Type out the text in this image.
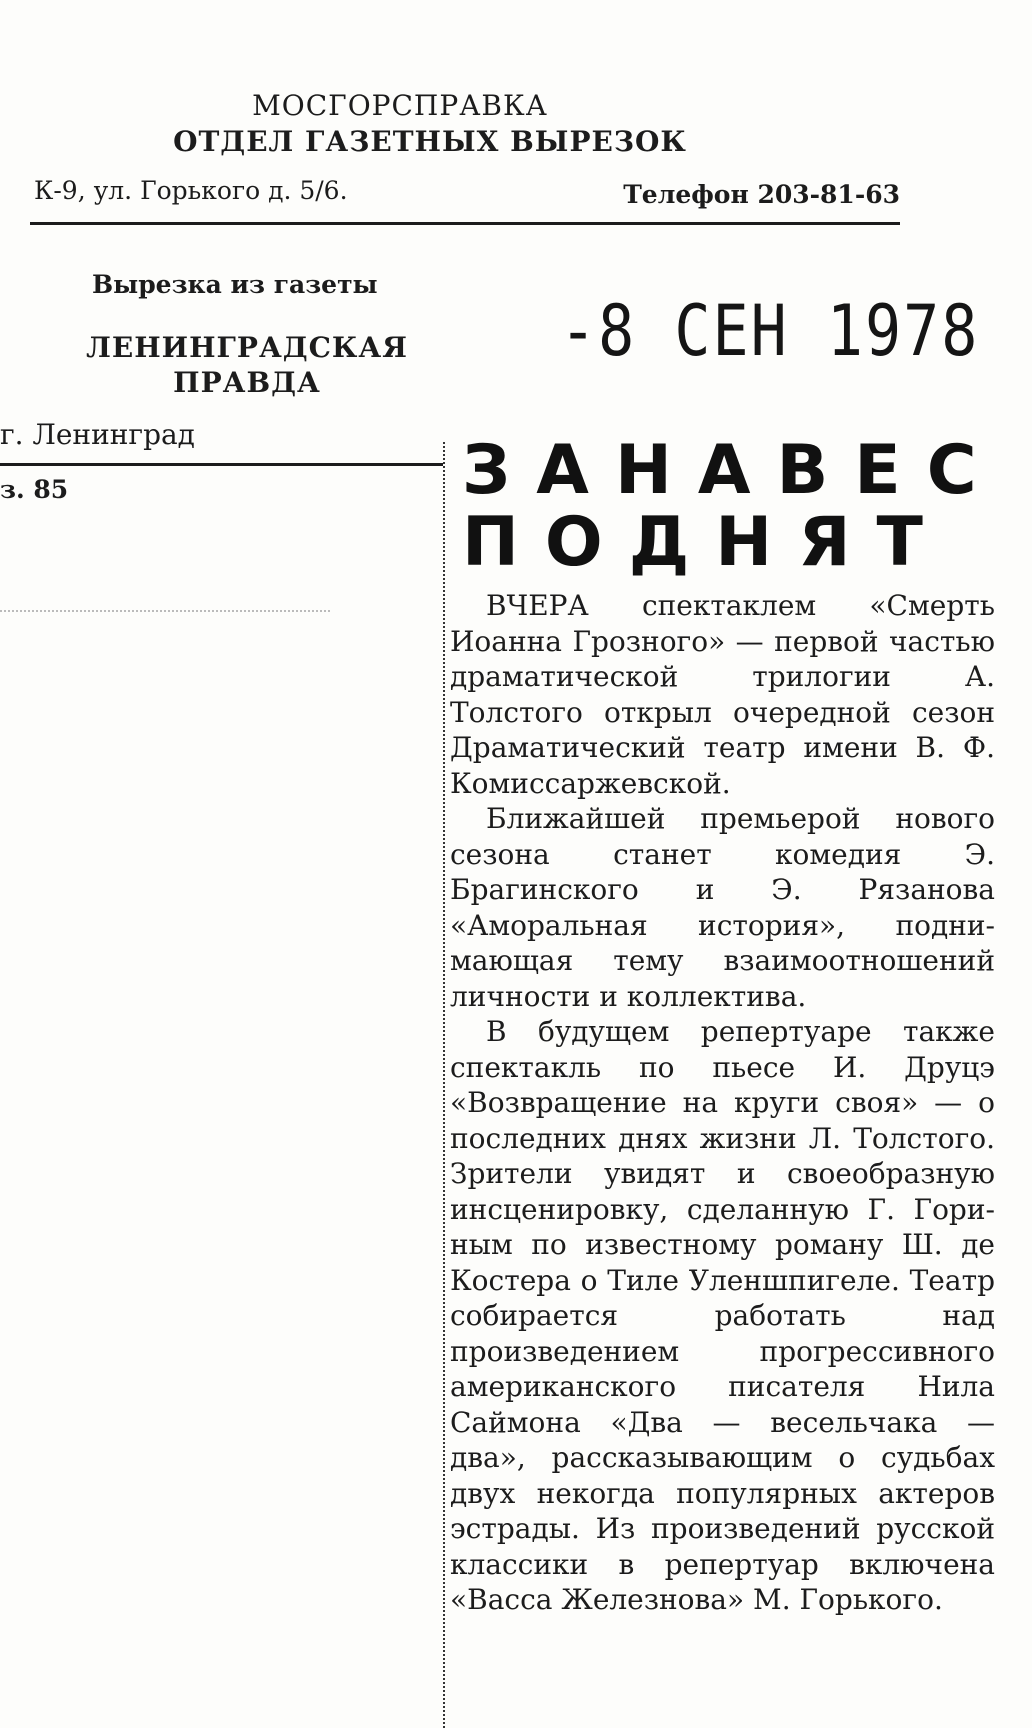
МОСГОРСПРАВКА
ОТДЕЛ ГАЗЕТНЫХ ВЫРЕЗОК
К-9, ул. Горького д. 5/6.	Телефон 203-81-63
Вырезка из газеты
ЛЕНИНГРАДСКАЯ ПРАВДА
г. Ленинград
з. 85
-8 СЕН 1978
ЗАНАВЕС
ПОДНЯТ

ВЧЕРА спектаклем «Смерть Иоанна Грозного» — первой частью драматической трилогии А. Толстого открыл очередной сезон Драматический театр имени В. Ф. Комиссаржевской.

Ближайшей премьерой нового сезона станет комедия Э. Брагинского и Э. Рязанова «Аморальная история», поднимающая тему взаимоотношений личности и коллектива.

В будущем репертуаре также спектакль по пьесе И. Друцэ «Возвращение на круги своя» — о последних днях жизни Л. Толстого. Зрители увидят и своеобразную инсценировку, сделанную Г. Гориным по известному роману Ш. де Костера о Тиле Уленшпигеле. Театр собирается работать над произведением прогрессивного американского писателя Нила Саймона «Два — весельчака — два», рассказывающим о судьбах двух некогда популярных актеров эстрады. Из произведений русской классики в репертуар включена «Васса Железнова» М. Горького.
